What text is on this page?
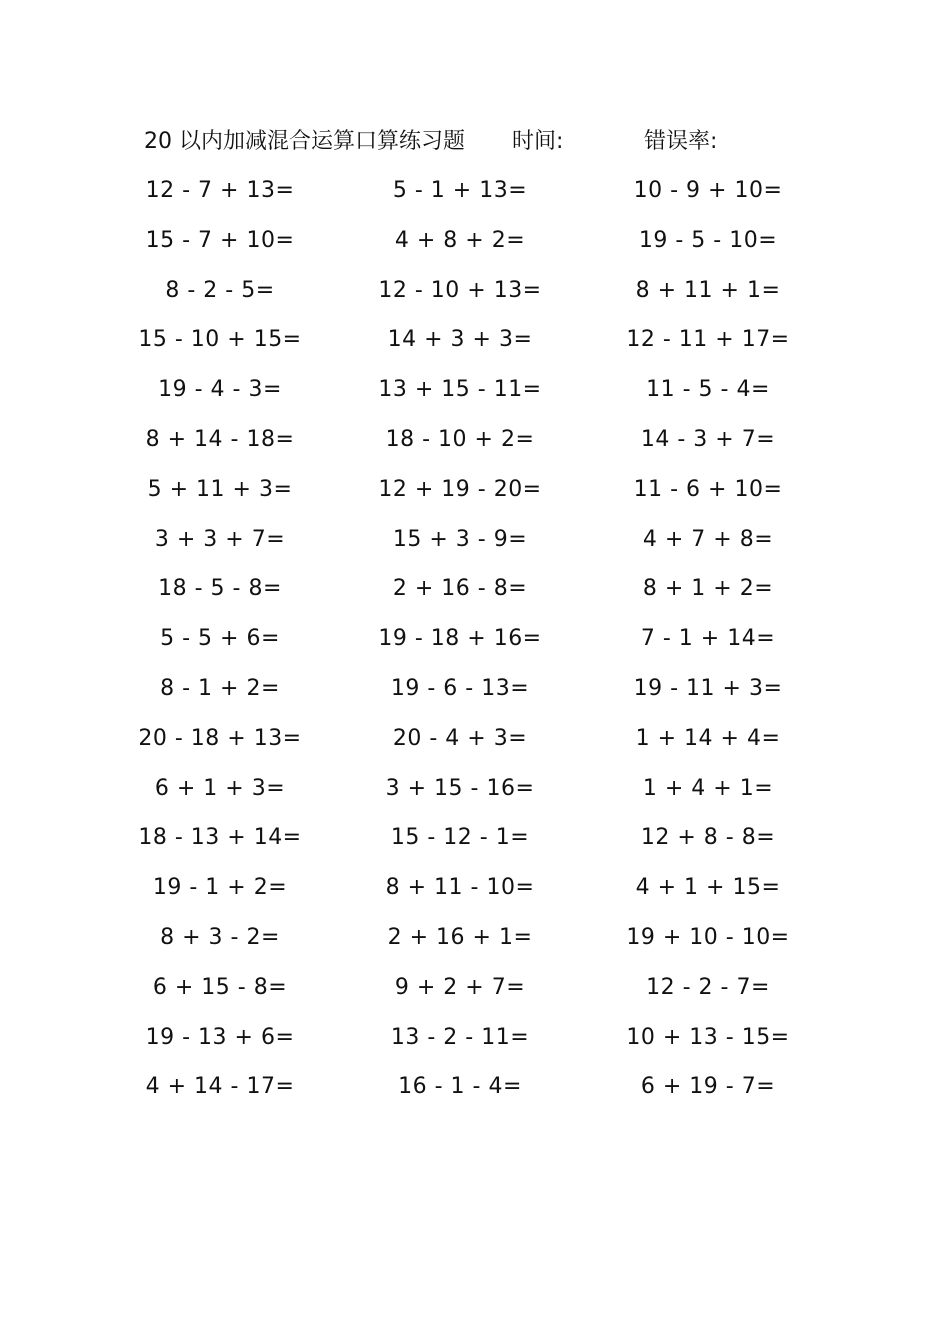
20 以内加减混合运算口算练习题 时间:	错误率:
12 - 7 + 13=	5 - 1 + 13=	10 - 9 + 10=
15 - 7 + 10=	4 + 8 + 2=	19 - 5 - 10=
8 - 2 - 5=	12 - 10 + 13=	8 + 11 + 1=
15 - 10 + 15=	14 + 3 + 3=	12 - 11 + 17=
19 - 4 - 3=	13 + 15 - 11=	11 - 5 - 4=
8 + 14 - 18=	18 - 10 + 2=	14 - 3 + 7=
5 + 11 + 3=	12 + 19 - 20=	11 - 6 + 10=
3 + 3 + 7=	15 + 3 - 9=	4 + 7 + 8=
18 - 5 - 8=	2 + 16 - 8=	8 + 1 + 2=
5 - 5 + 6=	19 - 18 + 16=	7 - 1 + 14=
8 - 1 + 2=	19 - 6 - 13=	19 - 11 + 3=
20 - 18 + 13=	20 - 4 + 3=	1 + 14 + 4=
6 + 1 + 3=	3 + 15 - 16=	1 + 4 + 1=
18 - 13 + 14=	15 - 12 - 1=	12 + 8 - 8=
19 - 1 + 2=	8 + 11 - 10=	4 + 1 + 15=
8 + 3 - 2=	2 + 16 + 1=	19 + 10 - 10=
6 + 15 - 8=	9 + 2 + 7=	12 - 2 - 7=
19 - 13 + 6=	13 - 2 - 11=	10 + 13 - 15=
4 + 14 - 17=	16 - 1 - 4=	6 + 19 - 7=
